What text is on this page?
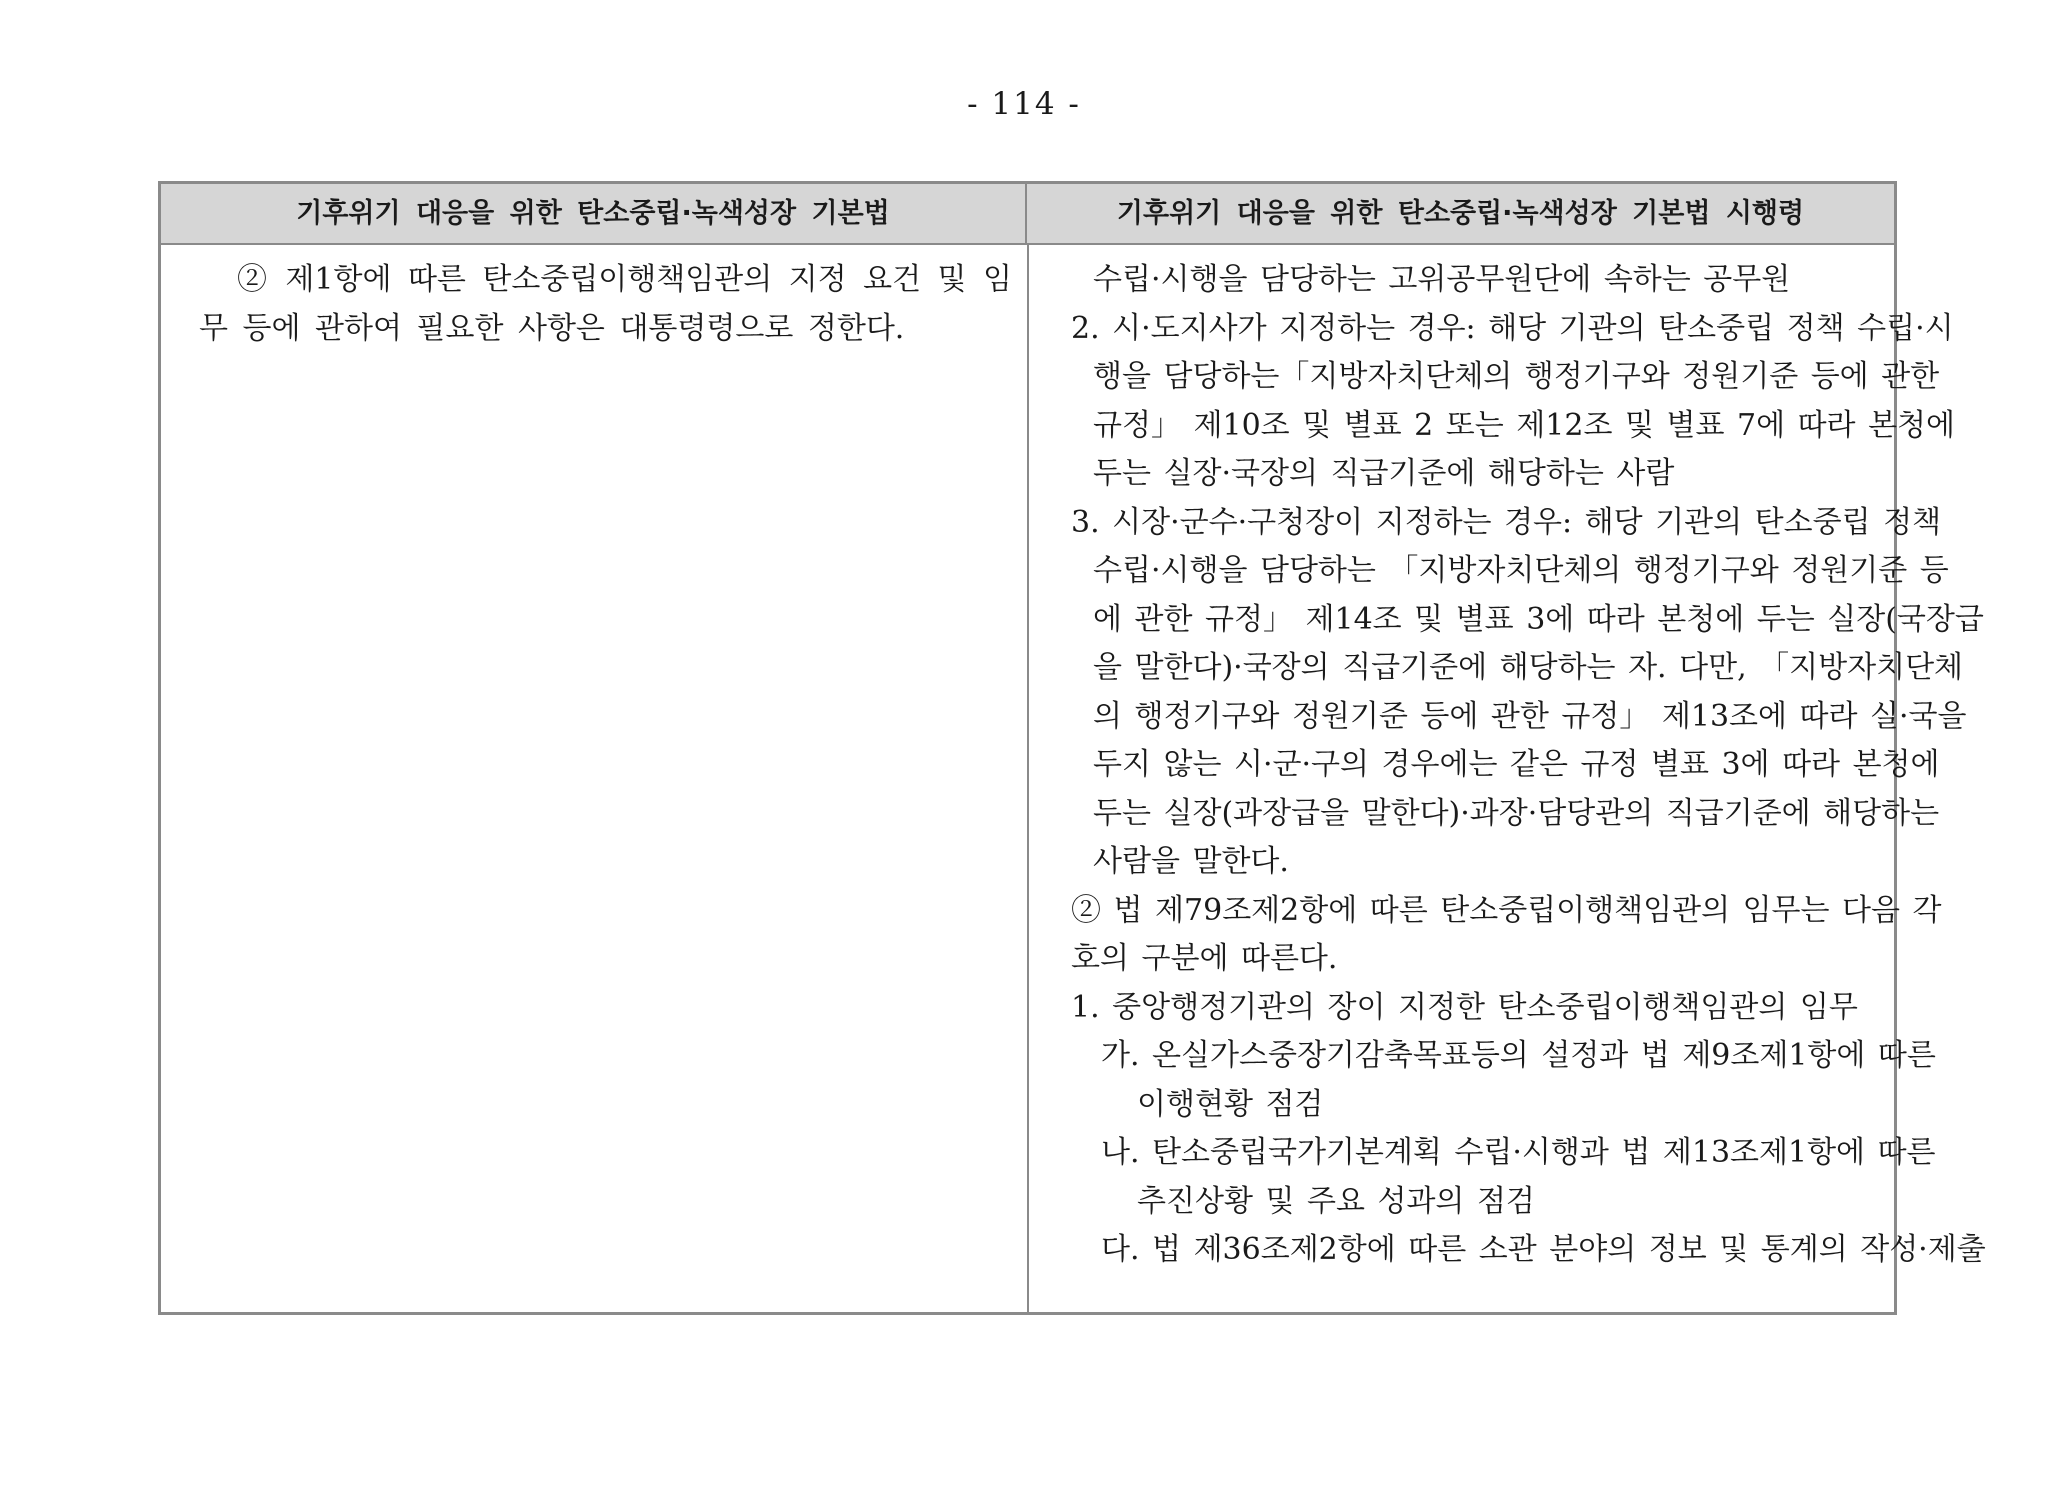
- 114 -
기후위기 대응을 위한 탄소중립·녹색성장 기본법	기후위기 대응을 위한 탄소중립·녹색성장 기본법 시행령

② 제1항에 따른 탄소중립이행책임관의 지정 요건 및 임무 등에 관하여 필요한 사항은 대통령령으로 정한다.

수립·시행을 담당하는 고위공무원단에 속하는 공무원
2. 시·도지사가 지정하는 경우: 해당 기관의 탄소중립 정책 수립·시
행을 담당하는「지방자치단체의 행정기구와 정원기준 등에 관한
규정」 제10조 및 별표 2 또는 제12조 및 별표 7에 따라 본청에
두는 실장·국장의 직급기준에 해당하는 사람
3. 시장·군수·구청장이 지정하는 경우: 해당 기관의 탄소중립 정책
수립·시행을 담당하는 「지방자치단체의 행정기구와 정원기준 등
에 관한 규정」 제14조 및 별표 3에 따라 본청에 두는 실장(국장급
을 말한다)·국장의 직급기준에 해당하는 자. 다만, 「지방자치단체
의 행정기구와 정원기준 등에 관한 규정」 제13조에 따라 실·국을
두지 않는 시·군·구의 경우에는 같은 규정 별표 3에 따라 본청에
두는 실장(과장급을 말한다)·과장·담당관의 직급기준에 해당하는
사람을 말한다.
② 법 제79조제2항에 따른 탄소중립이행책임관의 임무는 다음 각
호의 구분에 따른다.
1. 중앙행정기관의 장이 지정한 탄소중립이행책임관의 임무
가. 온실가스중장기감축목표등의 설정과 법 제9조제1항에 따른
이행현황 점검
나. 탄소중립국가기본계획 수립·시행과 법 제13조제1항에 따른
추진상황 및 주요 성과의 점검
다. 법 제36조제2항에 따른 소관 분야의 정보 및 통계의 작성·제출
